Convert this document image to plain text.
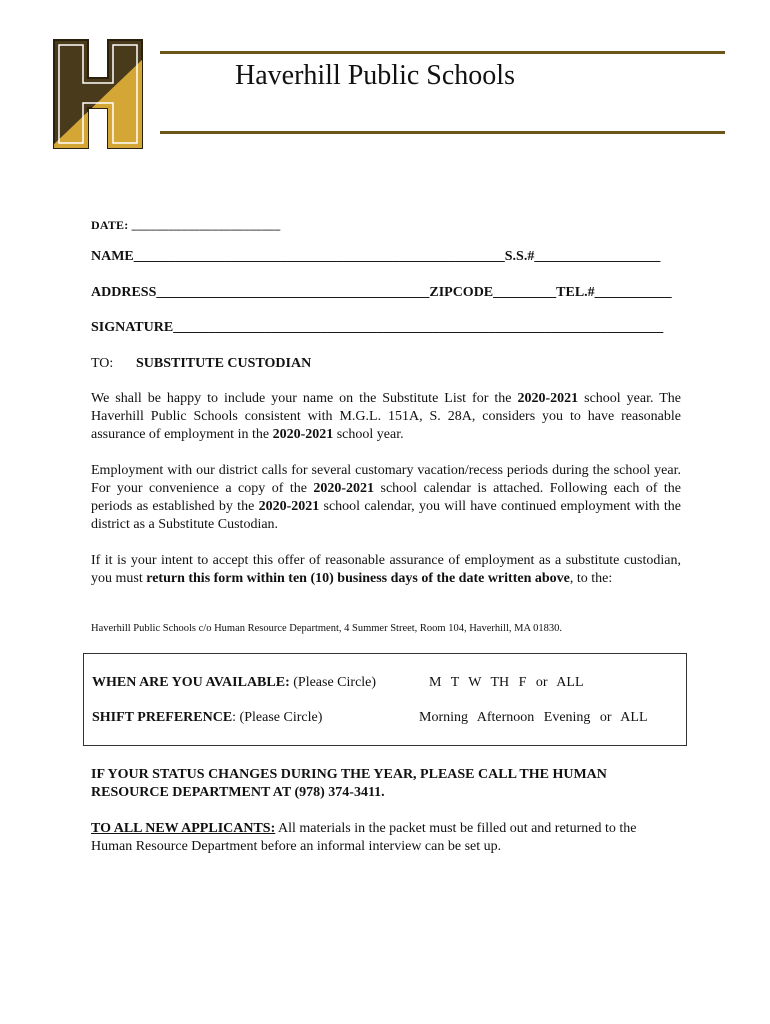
Haverhill Public Schools
DATE: ________________________
NAME_____________________________________________________S.S.#__________________
ADDRESS_______________________________________ZIPCODE_________TEL.#___________
SIGNATURE______________________________________________________________________
TO: SUBSTITUTE CUSTODIAN
We shall be happy to include your name on the Substitute List for the 2020-2021 school year. The Haverhill Public Schools consistent with M.G.L. 151A, S. 28A, considers you to have reasonable assurance of employment in the 2020-2021 school year.
Employment with our district calls for several customary vacation/recess periods during the school year. For your convenience a copy of the 2020-2021 school calendar is attached. Following each of the periods as established by the 2020-2021 school calendar, you will have continued employment with the district as a Substitute Custodian.
If it is your intent to accept this offer of reasonable assurance of employment as a substitute custodian, you must return this form within ten (10) business days of the date written above, to the:
Haverhill Public Schools c/o Human Resource Department, 4 Summer Street, Room 104, Haverhill, MA 01830.
WHEN ARE YOU AVAILABLE: (Please Circle)	M T W TH F or ALL
SHIFT PREFERENCE: (Please Circle)	Morning Afternoon Evening or ALL
IF YOUR STATUS CHANGES DURING THE YEAR, PLEASE CALL THE HUMAN RESOURCE DEPARTMENT AT (978) 374-3411.
TO ALL NEW APPLICANTS: All materials in the packet must be filled out and returned to the Human Resource Department before an informal interview can be set up.
